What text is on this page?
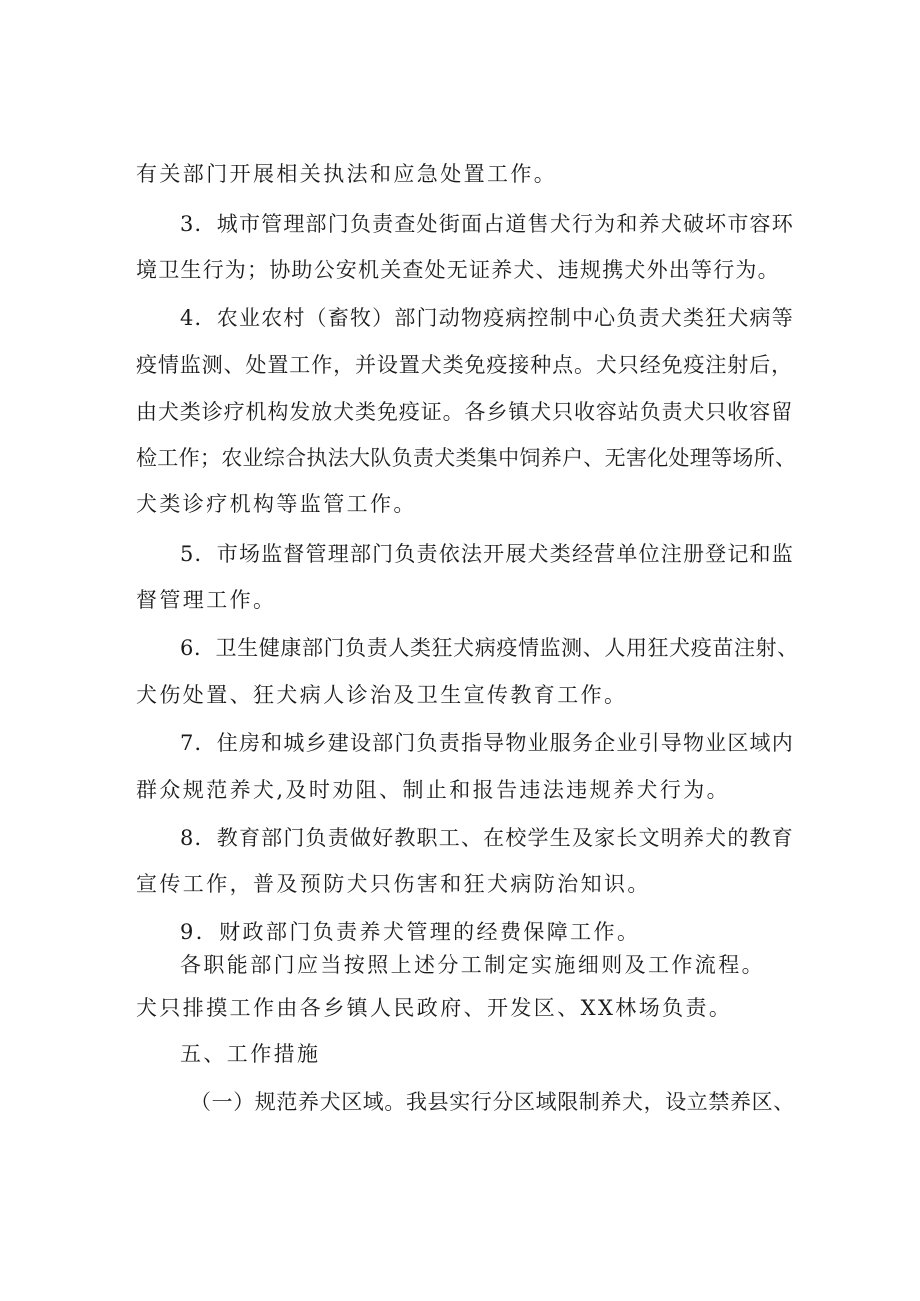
有关部门开展相关执法和应急处置工作。
3．城市管理部门负责查处街面占道售犬行为和养犬破坏市容环
境卫生行为；协助公安机关查处无证养犬、违规携犬外出等行为。
4．农业农村（畜牧）部门动物疫病控制中心负责犬类狂犬病等
疫情监测、处置工作，并设置犬类免疫接种点。犬只经免疫注射后，
由犬类诊疗机构发放犬类免疫证。各乡镇犬只收容站负责犬只收容留
检工作；农业综合执法大队负责犬类集中饲养户、无害化处理等场所、
犬类诊疗机构等监管工作。
5．市场监督管理部门负责依法开展犬类经营单位注册登记和监
督管理工作。
6．卫生健康部门负责人类狂犬病疫情监测、人用狂犬疫苗注射、
犬伤处置、狂犬病人诊治及卫生宣传教育工作。
7．住房和城乡建设部门负责指导物业服务企业引导物业区域内
群众规范养犬,及时劝阻、制止和报告违法违规养犬行为。
8．教育部门负责做好教职工、在校学生及家长文明养犬的教育
宣传工作，普及预防犬只伤害和狂犬病防治知识。
9．财政部门负责养犬管理的经费保障工作。
各职能部门应当按照上述分工制定实施细则及工作流程。
犬只排摸工作由各乡镇人民政府、开发区、XX林场负责。
五、工作措施
（一）规范养犬区域。我县实行分区域限制养犬，设立禁养区、
